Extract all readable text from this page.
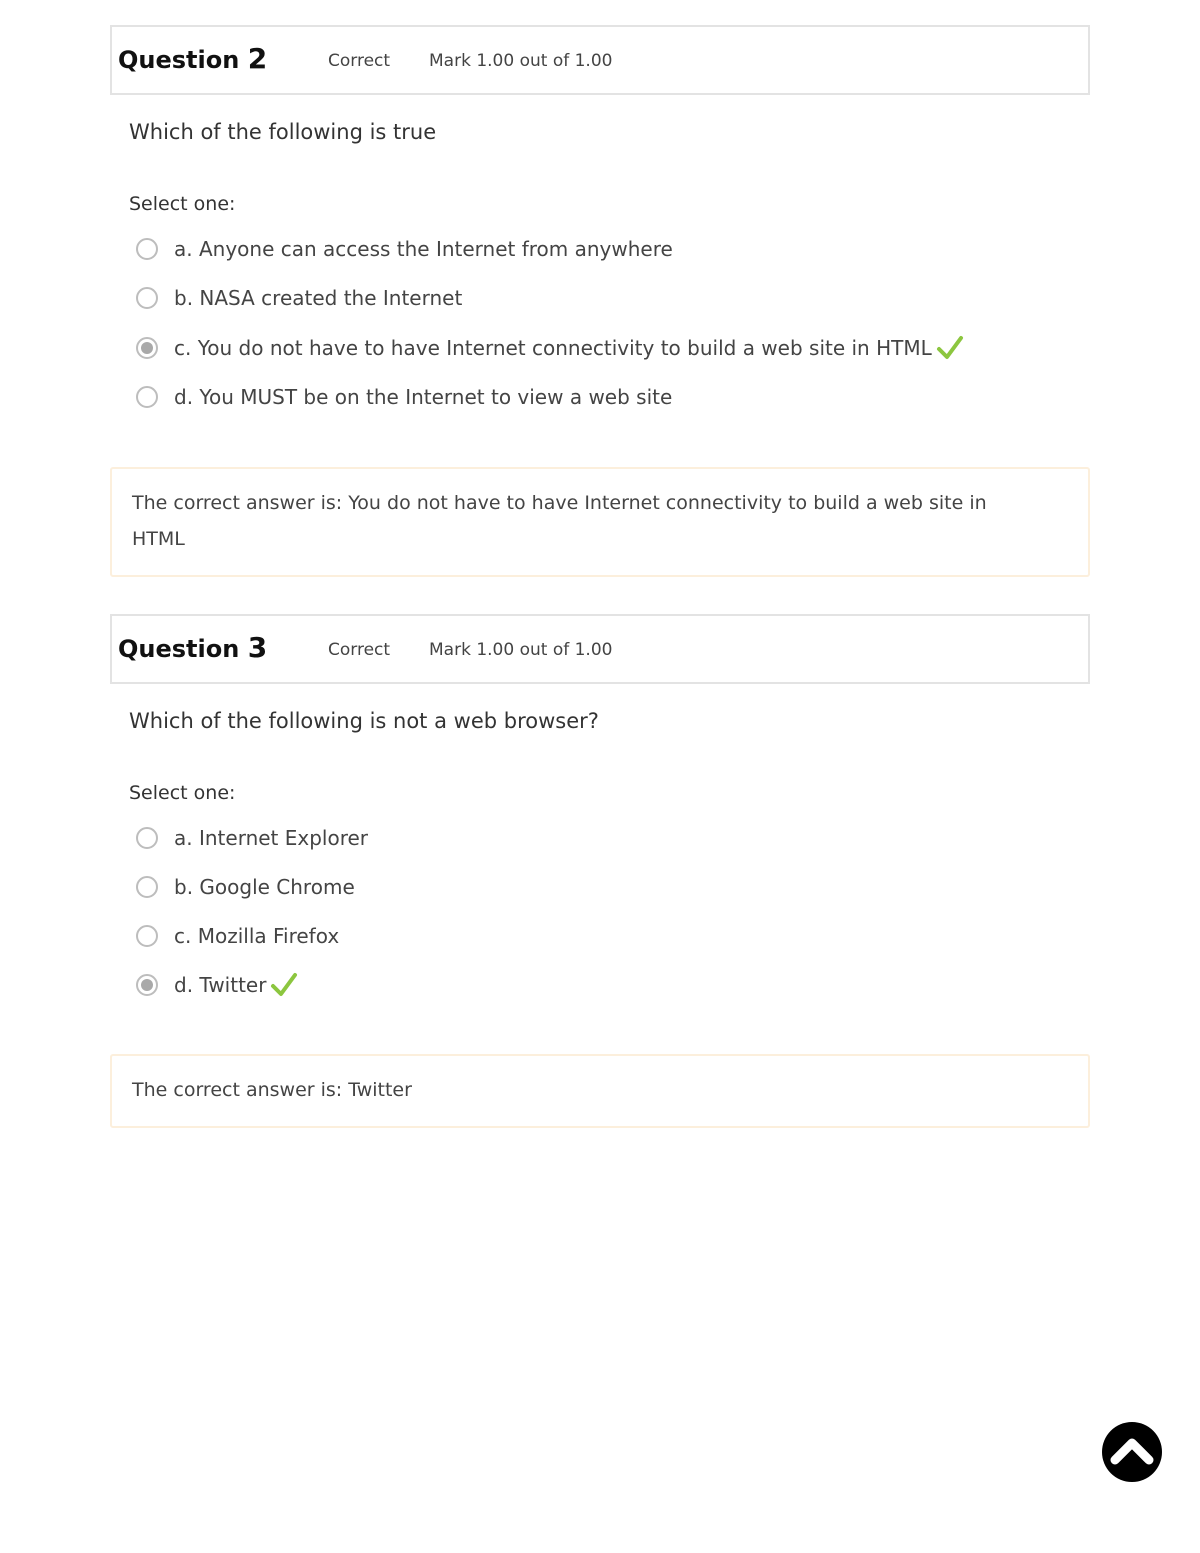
Question 2	Correct Mark 1.00 out of 1.00
Which of the following is true
Select one:
a. Anyone can access the Internet from anywhere
b. NASA created the Internet
c. You do not have to have Internet connectivity to build a web site in HTML
d. You MUST be on the Internet to view a web site
The correct answer is: You do not have to have Internet connectivity to build a web site in
HTML
Question 3	Correct Mark 1.00 out of 1.00
Which of the following is not a web browser?
Select one:
a. Internet Explorer
b. Google Chrome
c. Mozilla Firefox
d. Twitter
The correct answer is: Twitter
